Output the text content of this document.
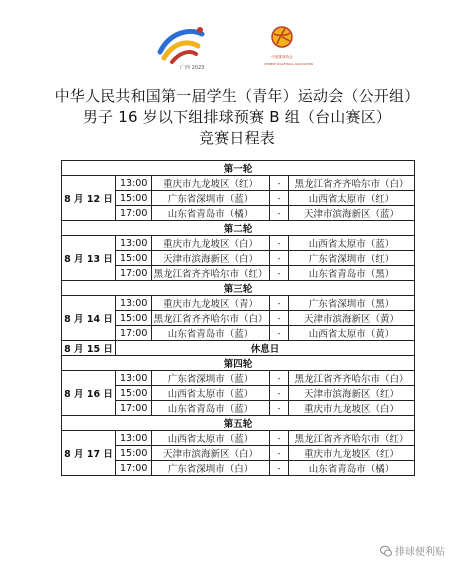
广西 2023
中国排球协会
CHINESE VOLLEYBALL ASSOCIATION
中华人民共和国第一届学生（青年）运动会（公开组）
男子 16 岁以下组排球预赛 B 组（台山赛区）
竞赛日程表
第一轮				
8 月 12 日	13:00	重庆市九龙坡区（红）	-	黑龙江省齐齐哈尔市（白）
	15:00	广东省深圳市（蓝）	-	山西省太原市（红）
	17:00	山东省青岛市（橘）	-	天津市滨海新区（蓝）
第二轮				
8 月 13 日	13:00	重庆市九龙坡区（白）	-	山西省太原市（蓝）
	15:00	天津市滨海新区（白）	-	广东省深圳市（红）
	17:00	黑龙江省齐齐哈尔市（红）	-	山东省青岛市（黑）
第三轮				
8 月 14 日	13:00	重庆市九龙坡区（青）	-	广东省深圳市（黑）
	15:00	黑龙江省齐齐哈尔市（白）	-	天津市滨海新区（黄）
	17:00	山东省青岛市（蓝）	-	山西省太原市（黄）
8 月 15 日	休息日			
第四轮				
8 月 16 日	13:00	广东省深圳市（蓝）	-	黑龙江省齐齐哈尔市（白）
	15:00	山西省太原市（蓝）	-	天津市滨海新区（红）
	17:00	山东省青岛市（蓝）	-	重庆市九龙坡区（白）
第五轮				
8 月 17 日	13:00	山西省太原市（蓝）	-	黑龙江省齐齐哈尔市（红）
	15:00	天津市滨海新区（白）	-	重庆市九龙坡区（红）
	17:00	广东省深圳市（白）	-	山东省青岛市（橘）
排球便利贴
